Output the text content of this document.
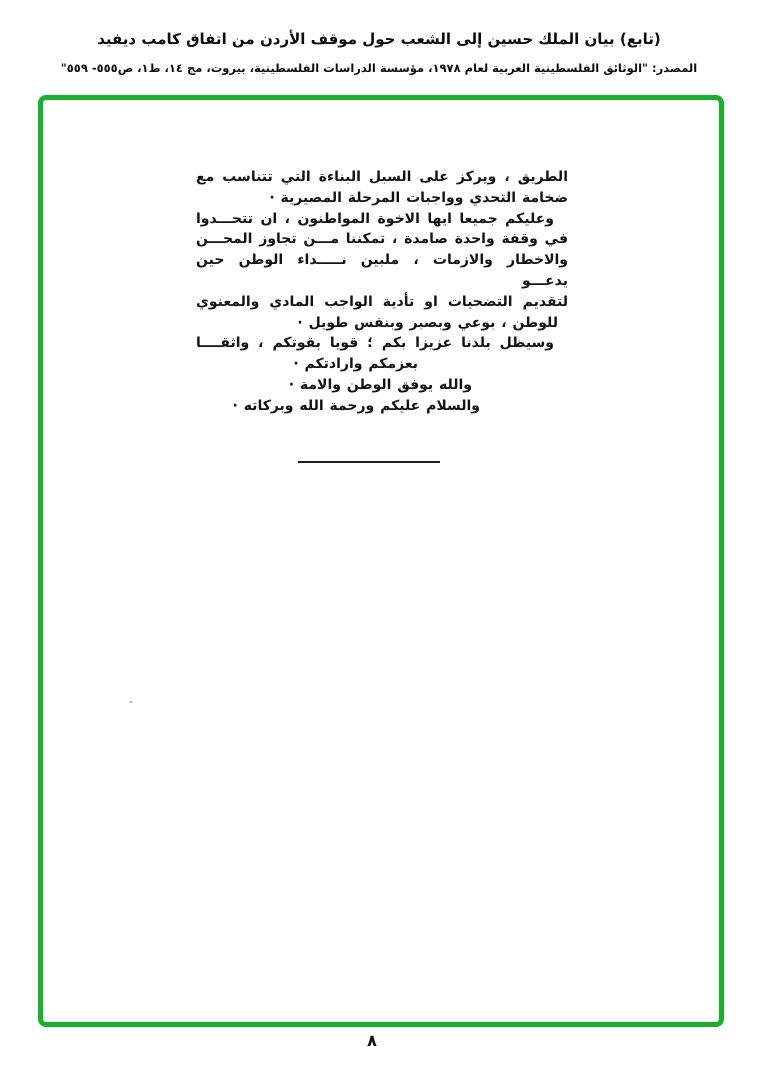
(تابع) بيان الملك حسين إلى الشعب حول موقف الأردن من اتفاق كامب ديفيد
المصدر: "الوثائق الفلسطينية العربية لعام ١٩٧٨، مؤسسة الدراسات الفلسطينية، بيروت، مج ١٤، ط١، ص٥٥٥- ٥٥٩"
الطريق ، ويركز على السبل البناءة التي تتناسب مع
ضخامة التحدي وواجبات المرحلة المصيرية ·
وعليكم جميعا ايها الاخوة المواطنون ، ان تتحـــدوا
في وقفة واحدة صامدة ، تمكننا مـــن تجاوز المحـــن
والاخطار والازمات ، ملبين نـــــداء الوطن حين يدعـــو
لتقديم التضحيات او تأدية الواجب المادي والمعنوي
للوطن ، بوعي وبصبر وبنفس طويل ·
وسيظل بلدنا عزيزا بكم ؛ قويا بقوتكم ، واثقــــا
بعزمكم وارادتكم ·
والله يوفق الوطن والامة ·
والسلام عليكم ورحمة الله وبركاته ·
٨
